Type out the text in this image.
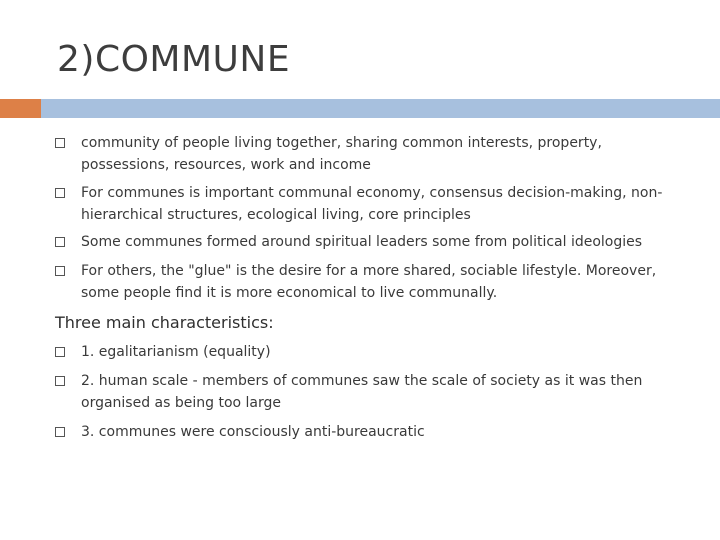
2)COMMUNE
community of people living together, sharing common interests, property, possessions, resources, work and income
For communes is important communal economy, consensus decision-making, non-hierarchical structures, ecological living, core principles
Some communes formed around spiritual leaders some from political ideologies
For others, the "glue" is the desire for a more shared, sociable lifestyle. Moreover, some people find it is more economical to live communally.
Three main characteristics:
1. egalitarianism (equality)
2. human scale - members of communes saw the scale of society as it was then organised as being too large
3. communes were consciously anti-bureaucratic
